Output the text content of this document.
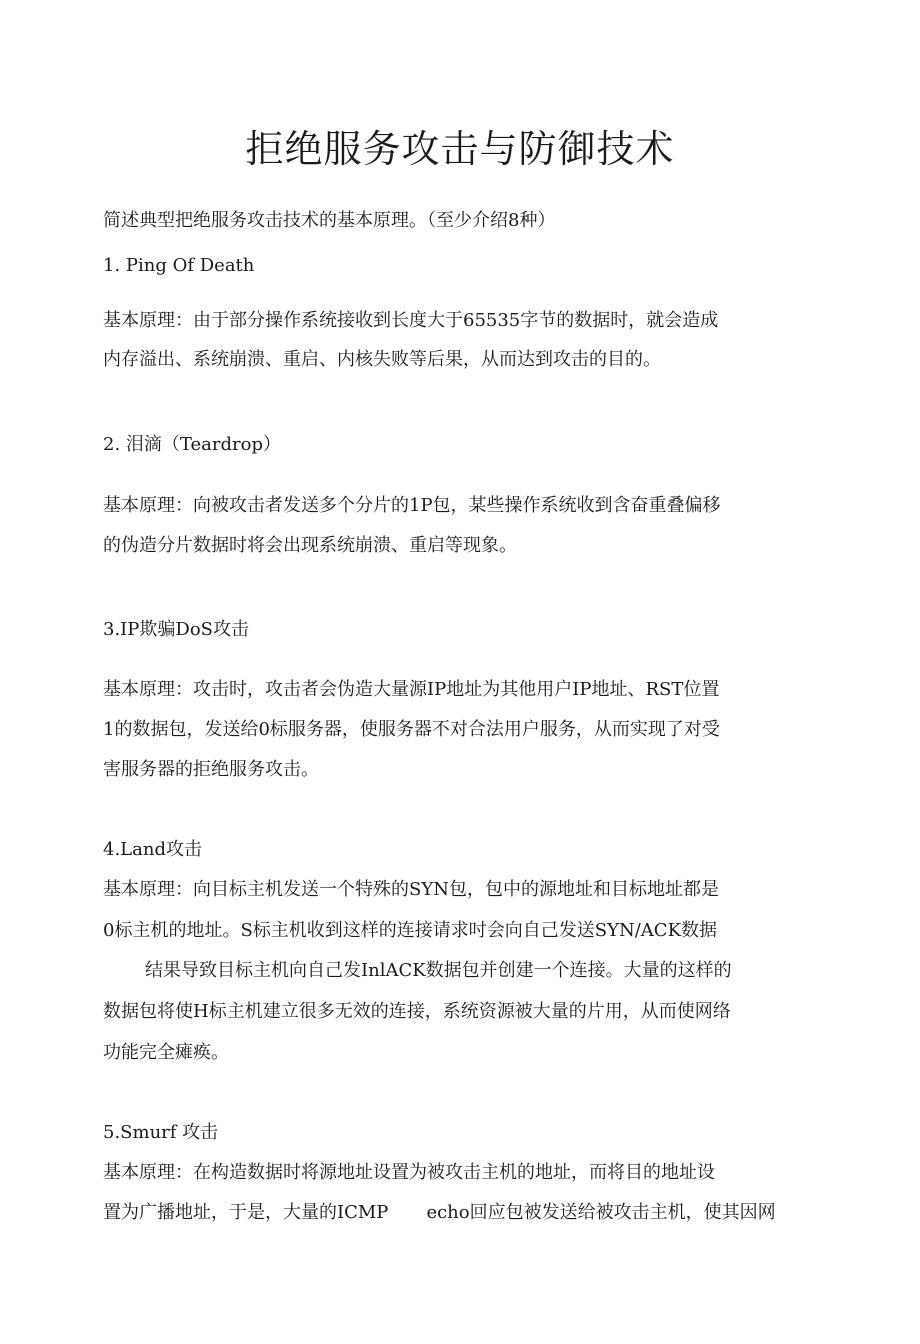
拒绝服务攻击与防御技术

简述典型把绝服务攻击技术的基本原理。（至少介绍8种）

1. Ping Of Death

基本原理：由于部分操作系统接收到长度大于65535字节的数据时，就会造成

内存溢出、系统崩溃、重启、内核失败等后果，从而达到攻击的目的。

2. 泪滴（Teardrop）

基本原理：向被攻击者发送多个分片的1P包，某些操作系统收到含奋重叠偏移

的伪造分片数据时将会出现系统崩溃、重启等现象。

3.IP欺骗DoS攻击

基本原理：攻击时，攻击者会伪造大量源IP地址为其他用户IP地址、RST位置

1的数据包，发送给0标服务器，使服务器不对合法用户服务，从而实现了对受

害服务器的拒绝服务攻击。

4.Land攻击

基本原理：向目标主机发送一个特殊的SYN包，包中的源地址和目标地址都是

0标主机的地址。S标主机收到这样的连接请求吋会向自己发送SYN/ACK数据

结果导致目标主机向自己发InlACK数据包并创建一个连接。大量的这样的

数据包将使H标主机建立很多无效的连接，系统资源被大量的片用，从而使网络

功能完全瘫痪。

5.Smurf 攻击

基本原理：在构造数据时将源地址设置为被攻击主机的地址，而将目的地址设

置为广播地址，于是，大量的ICMP echo回应包被发送给被攻击主机，使其因网
